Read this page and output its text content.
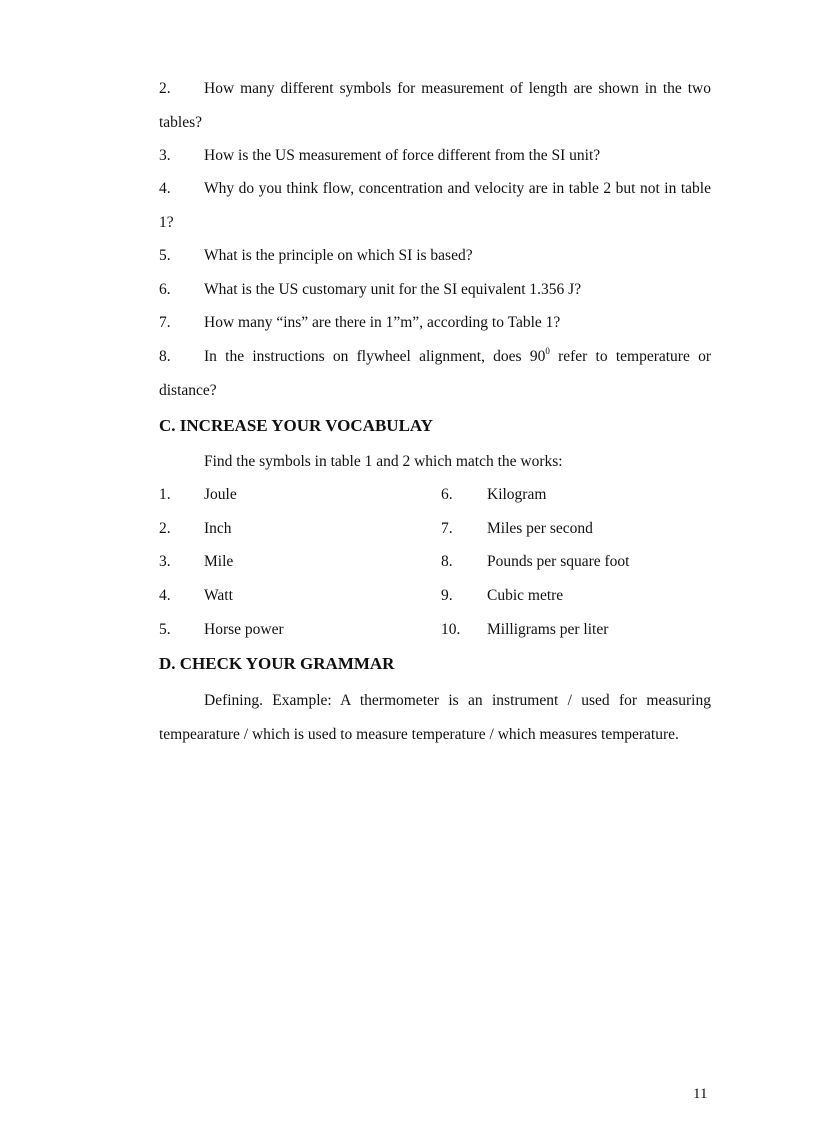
2. How many different symbols for measurement of length are shown in the two tables?
3. How is the US measurement of force different from the SI unit?
4. Why do you think flow, concentration and velocity are in table 2 but not in table 1?
5. What is the principle on which SI is based?
6. What is the US customary unit for the SI equivalent 1.356 J?
7. How many “ins” are there in 1”m”, according to Table 1?
8. In the instructions on flywheel alignment, does $90^0$ refer to temperature or distance?
C. INCREASE YOUR VOCABULAY
Find the symbols in table 1 and 2 which match the works:
1. Joule	6. Kilogram
2. Inch	7. Miles per second
3. Mile	8. Pounds per square foot
4. Watt	9. Cubic metre
5. Horse power	10. Milligrams per liter
D. CHECK YOUR GRAMMAR
Defining. Example: A thermometer is an instrument / used for measuring tempearature / which is used to measure temperature / which measures temperature.
11
